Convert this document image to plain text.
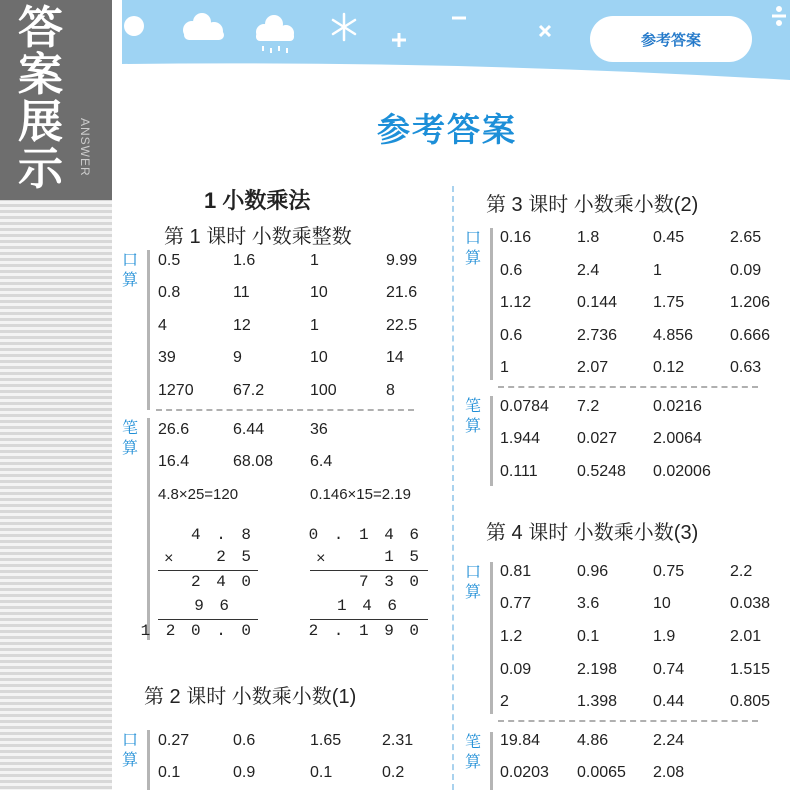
答
案
展
示	ANSWER
参考答案
参考答案
1 小数乘法
第 1 课时 小数乘整数
口算
0.5	1.6	1	9.99
0.8	11	10	21.6
4	12	1	22.5
39	9	10	14
1270 67.2	100	8
笔算
26.6	6.44	36
16.4	68.08 6.4
4.8×25=120	0.146×15=2.19
4 . 8
×	2 5
2 4 0
9 6
1 2 0 . 0
0 . 1 4 6
×	1 5
7 3 0
1 4 6
2 . 1 9 0
第 2 课时 小数乘小数(1)
口算
0.27	0.6	1.65	2.31
0.1	0.9	0.1	0.2
第 3 课时 小数乘小数(2)
口算
0.16	1.8	0.45	2.65
0.6	2.4	1	0.09
1.12	0.144 1.75	1.206
0.6	2.736 4.856 0.666
1	2.07	0.12	0.63
笔算
0.0784 7.2	0.0216
1.944 0.027 2.0064
0.111 0.5248 0.02006
第 4 课时 小数乘小数(3)
口算
0.81	0.96	0.75	2.2
0.77	3.6	10	0.038
1.2	0.1	1.9	2.01
0.09	2.198 0.74	1.515
2	1.398 0.44	0.805
笔算
19.84 4.86	2.24
0.0203 0.0065 2.08
